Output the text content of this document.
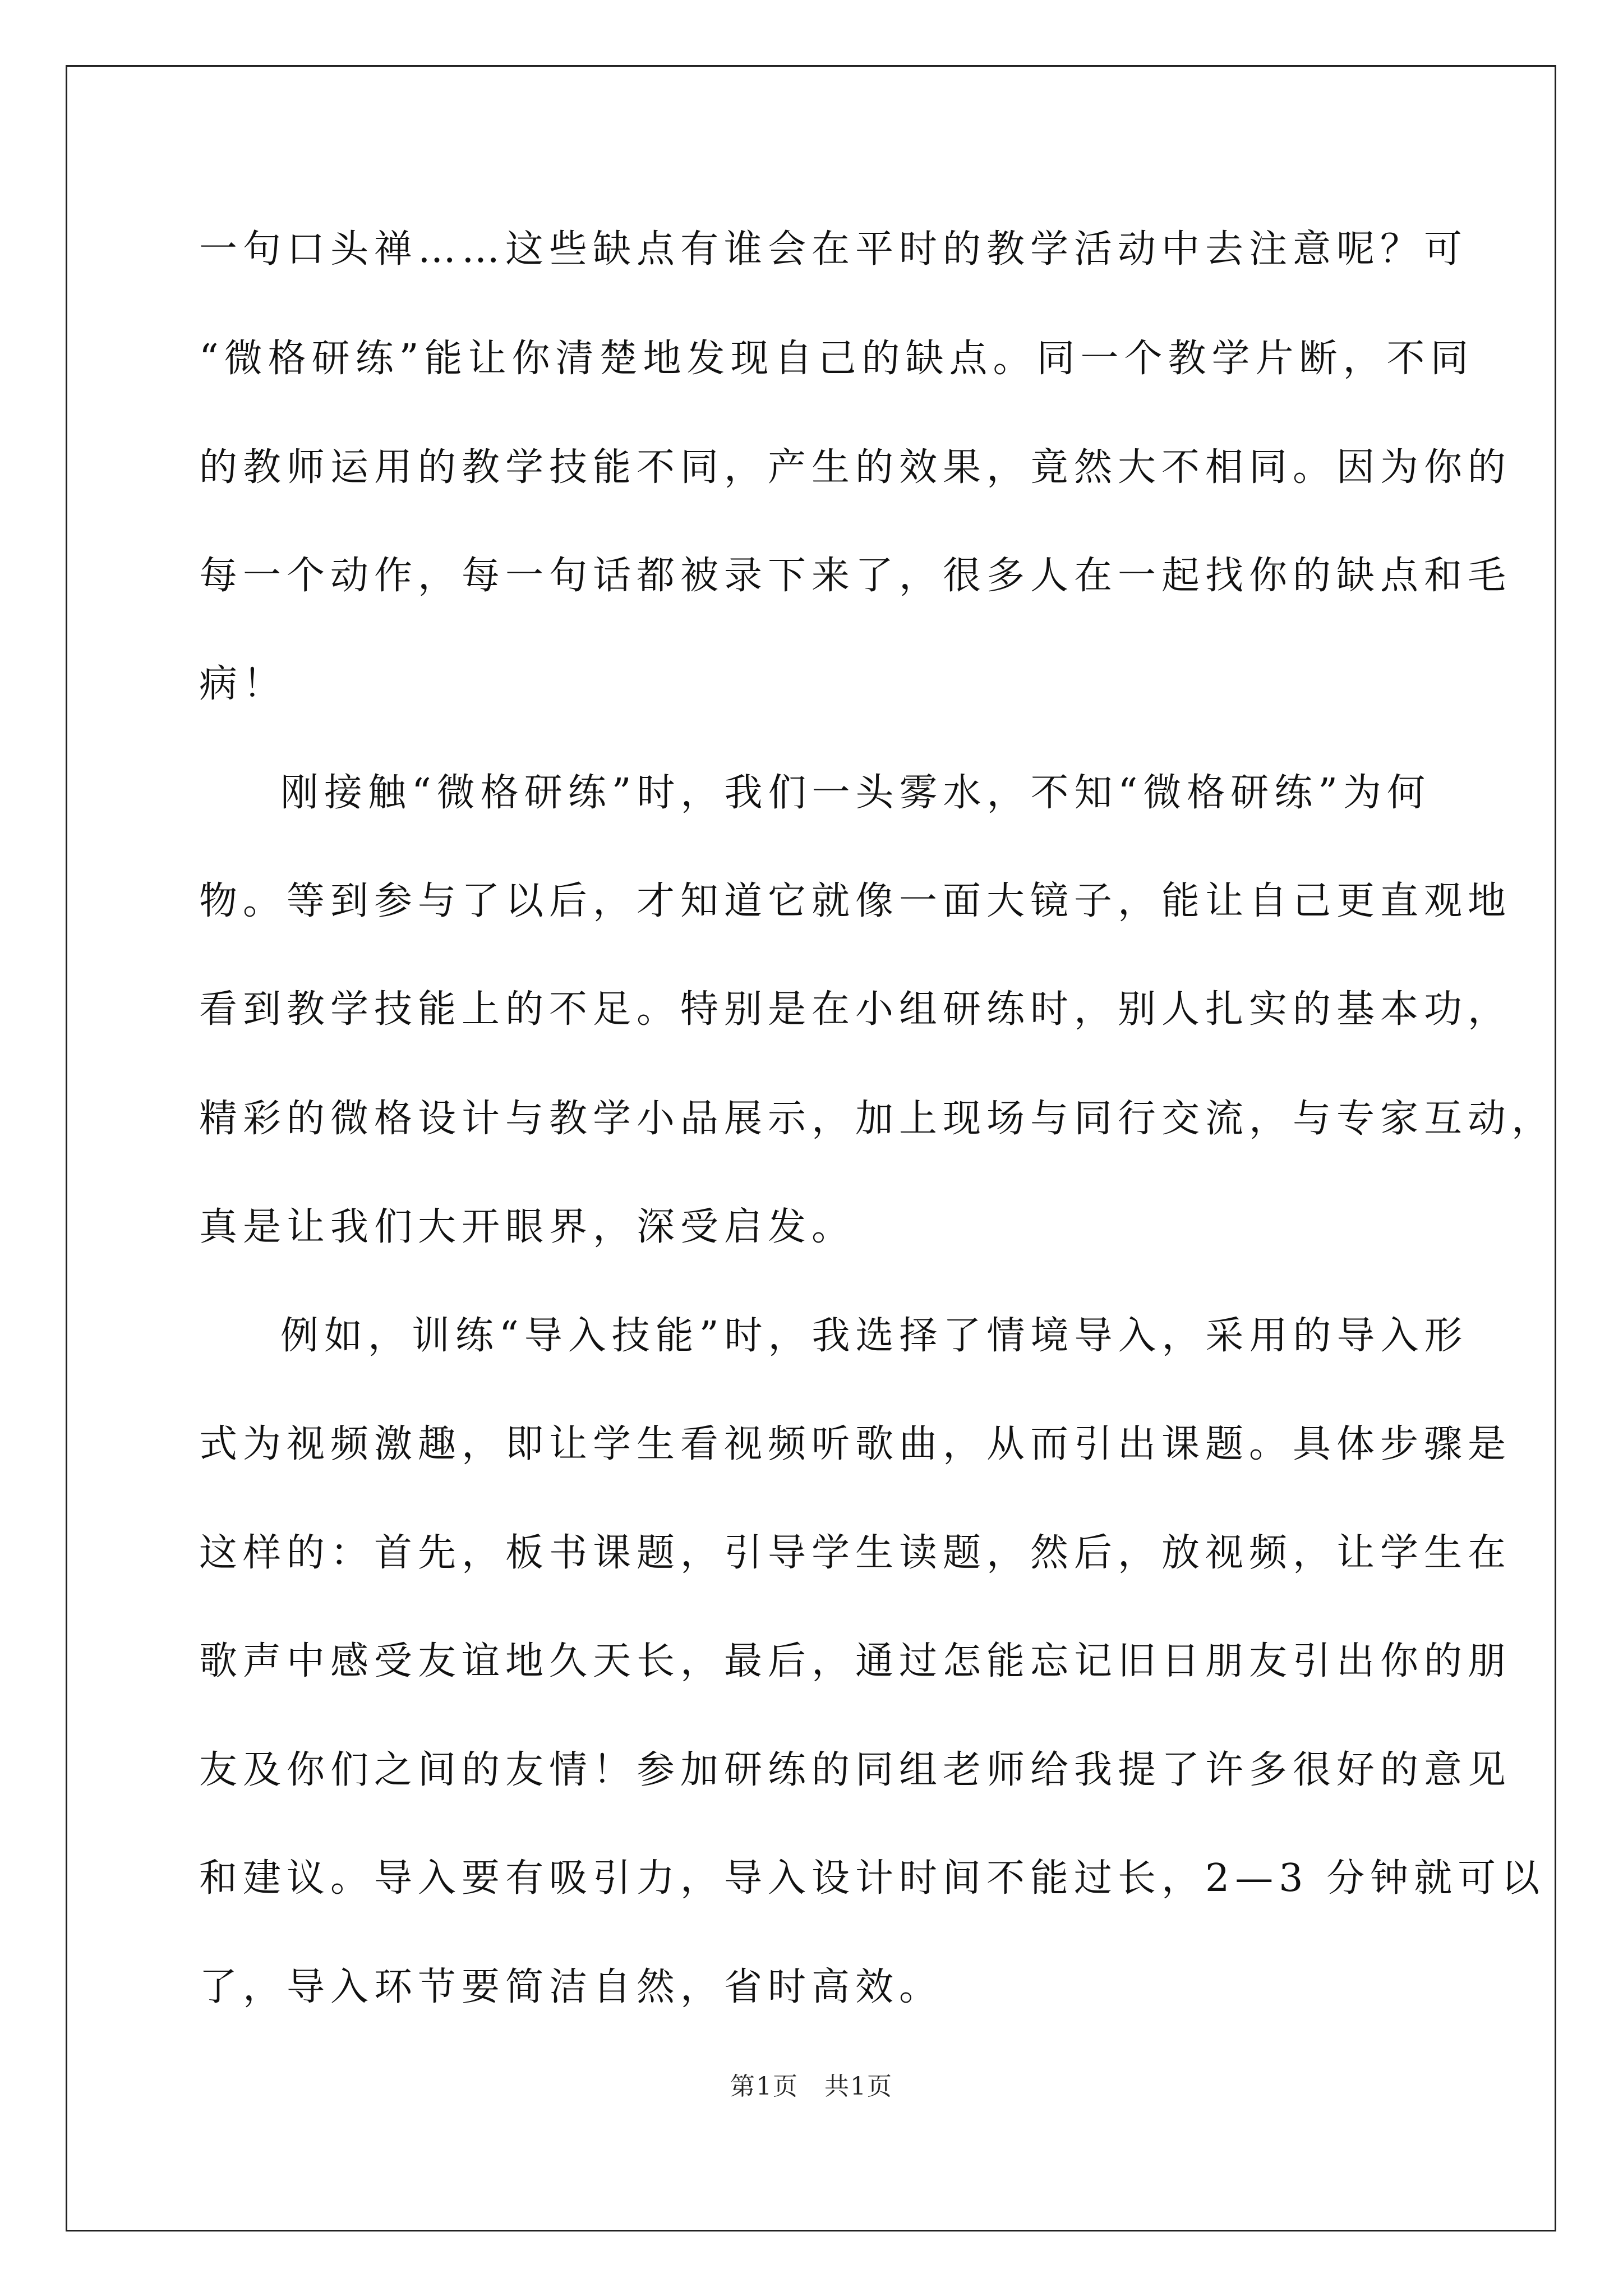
一句口头禅……这些缺点有谁会在平时的教学活动中去注意呢？可
“微格研练”能让你清楚地发现自己的缺点。同一个教学片断，不同
的教师运用的教学技能不同，产生的效果，竟然大不相同。因为你的
每一个动作，每一句话都被录下来了，很多人在一起找你的缺点和毛
病！
刚接触“微格研练”时，我们一头雾水，不知“微格研练”为何
物。等到参与了以后，才知道它就像一面大镜子，能让自己更直观地
看到教学技能上的不足。特别是在小组研练时，别人扎实的基本功，
精彩的微格设计与教学小品展示，加上现场与同行交流，与专家互动，
真是让我们大开眼界，深受启发。
例如，训练“导入技能”时，我选择了情境导入，采用的导入形
式为视频激趣，即让学生看视频听歌曲，从而引出课题。具体步骤是
这样的：首先，板书课题，引导学生读题，然后，放视频，让学生在
歌声中感受友谊地久天长，最后，通过怎能忘记旧日朋友引出你的朋
友及你们之间的友情！参加研练的同组老师给我提了许多很好的意见
和建议。导入要有吸引力，导入设计时间不能过长，2—3 分钟就可以
了，导入环节要简洁自然，省时高效。
第1页　共1页
